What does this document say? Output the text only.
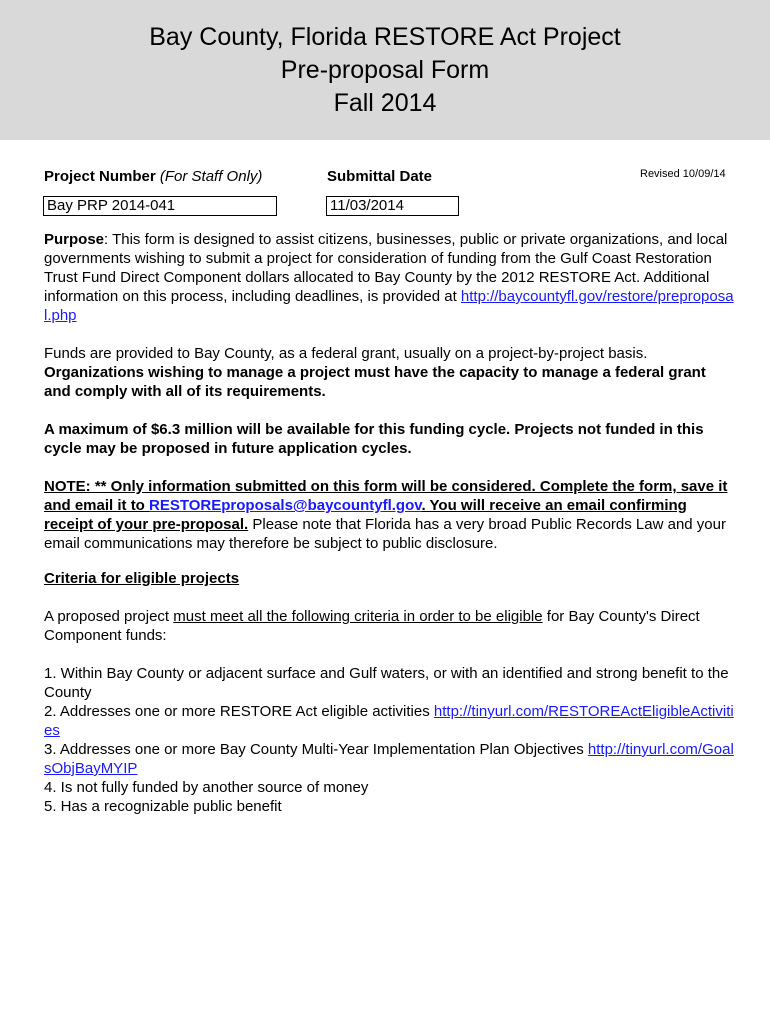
Bay County, Florida RESTORE Act Project
Pre-proposal Form
Fall 2014
Project Number (For Staff Only)	Submittal Date	Revised 10/09/14
Bay PRP 2014-041	11/03/2014

Purpose: This form is designed to assist citizens, businesses, public or private organizations, and local governments wishing to submit a project for consideration of funding from the Gulf Coast Restoration Trust Fund Direct Component dollars allocated to Bay County by the 2012 RESTORE Act. Additional information on this process, including deadlines, is provided at http://baycountyfl.gov/restore/preproposal.php

Funds are provided to Bay County, as a federal grant, usually on a project-by-project basis. Organizations wishing to manage a project must have the capacity to manage a federal grant and comply with all of its requirements.

A maximum of $6.3 million will be available for this funding cycle. Projects not funded in this cycle may be proposed in future application cycles.

NOTE: ** Only information submitted on this form will be considered. Complete the form, save it and email it to RESTOREproposals@baycountyfl.gov. You will receive an email confirming receipt of your pre-proposal. Please note that Florida has a very broad Public Records Law and your email communications may therefore be subject to public disclosure.

Criteria for eligible projects

A proposed project must meet all the following criteria in order to be eligible for Bay County's Direct Component funds:

1. Within Bay County or adjacent surface and Gulf waters, or with an identified and strong benefit to the County

2. Addresses one or more RESTORE Act eligible activities http://tinyurl.com/RESTOREActEligibleActivities

3. Addresses one or more Bay County Multi-Year Implementation Plan Objectives http://tinyurl.com/GoalsObjBayMYIP

4. Is not fully funded by another source of money

5. Has a recognizable public benefit
